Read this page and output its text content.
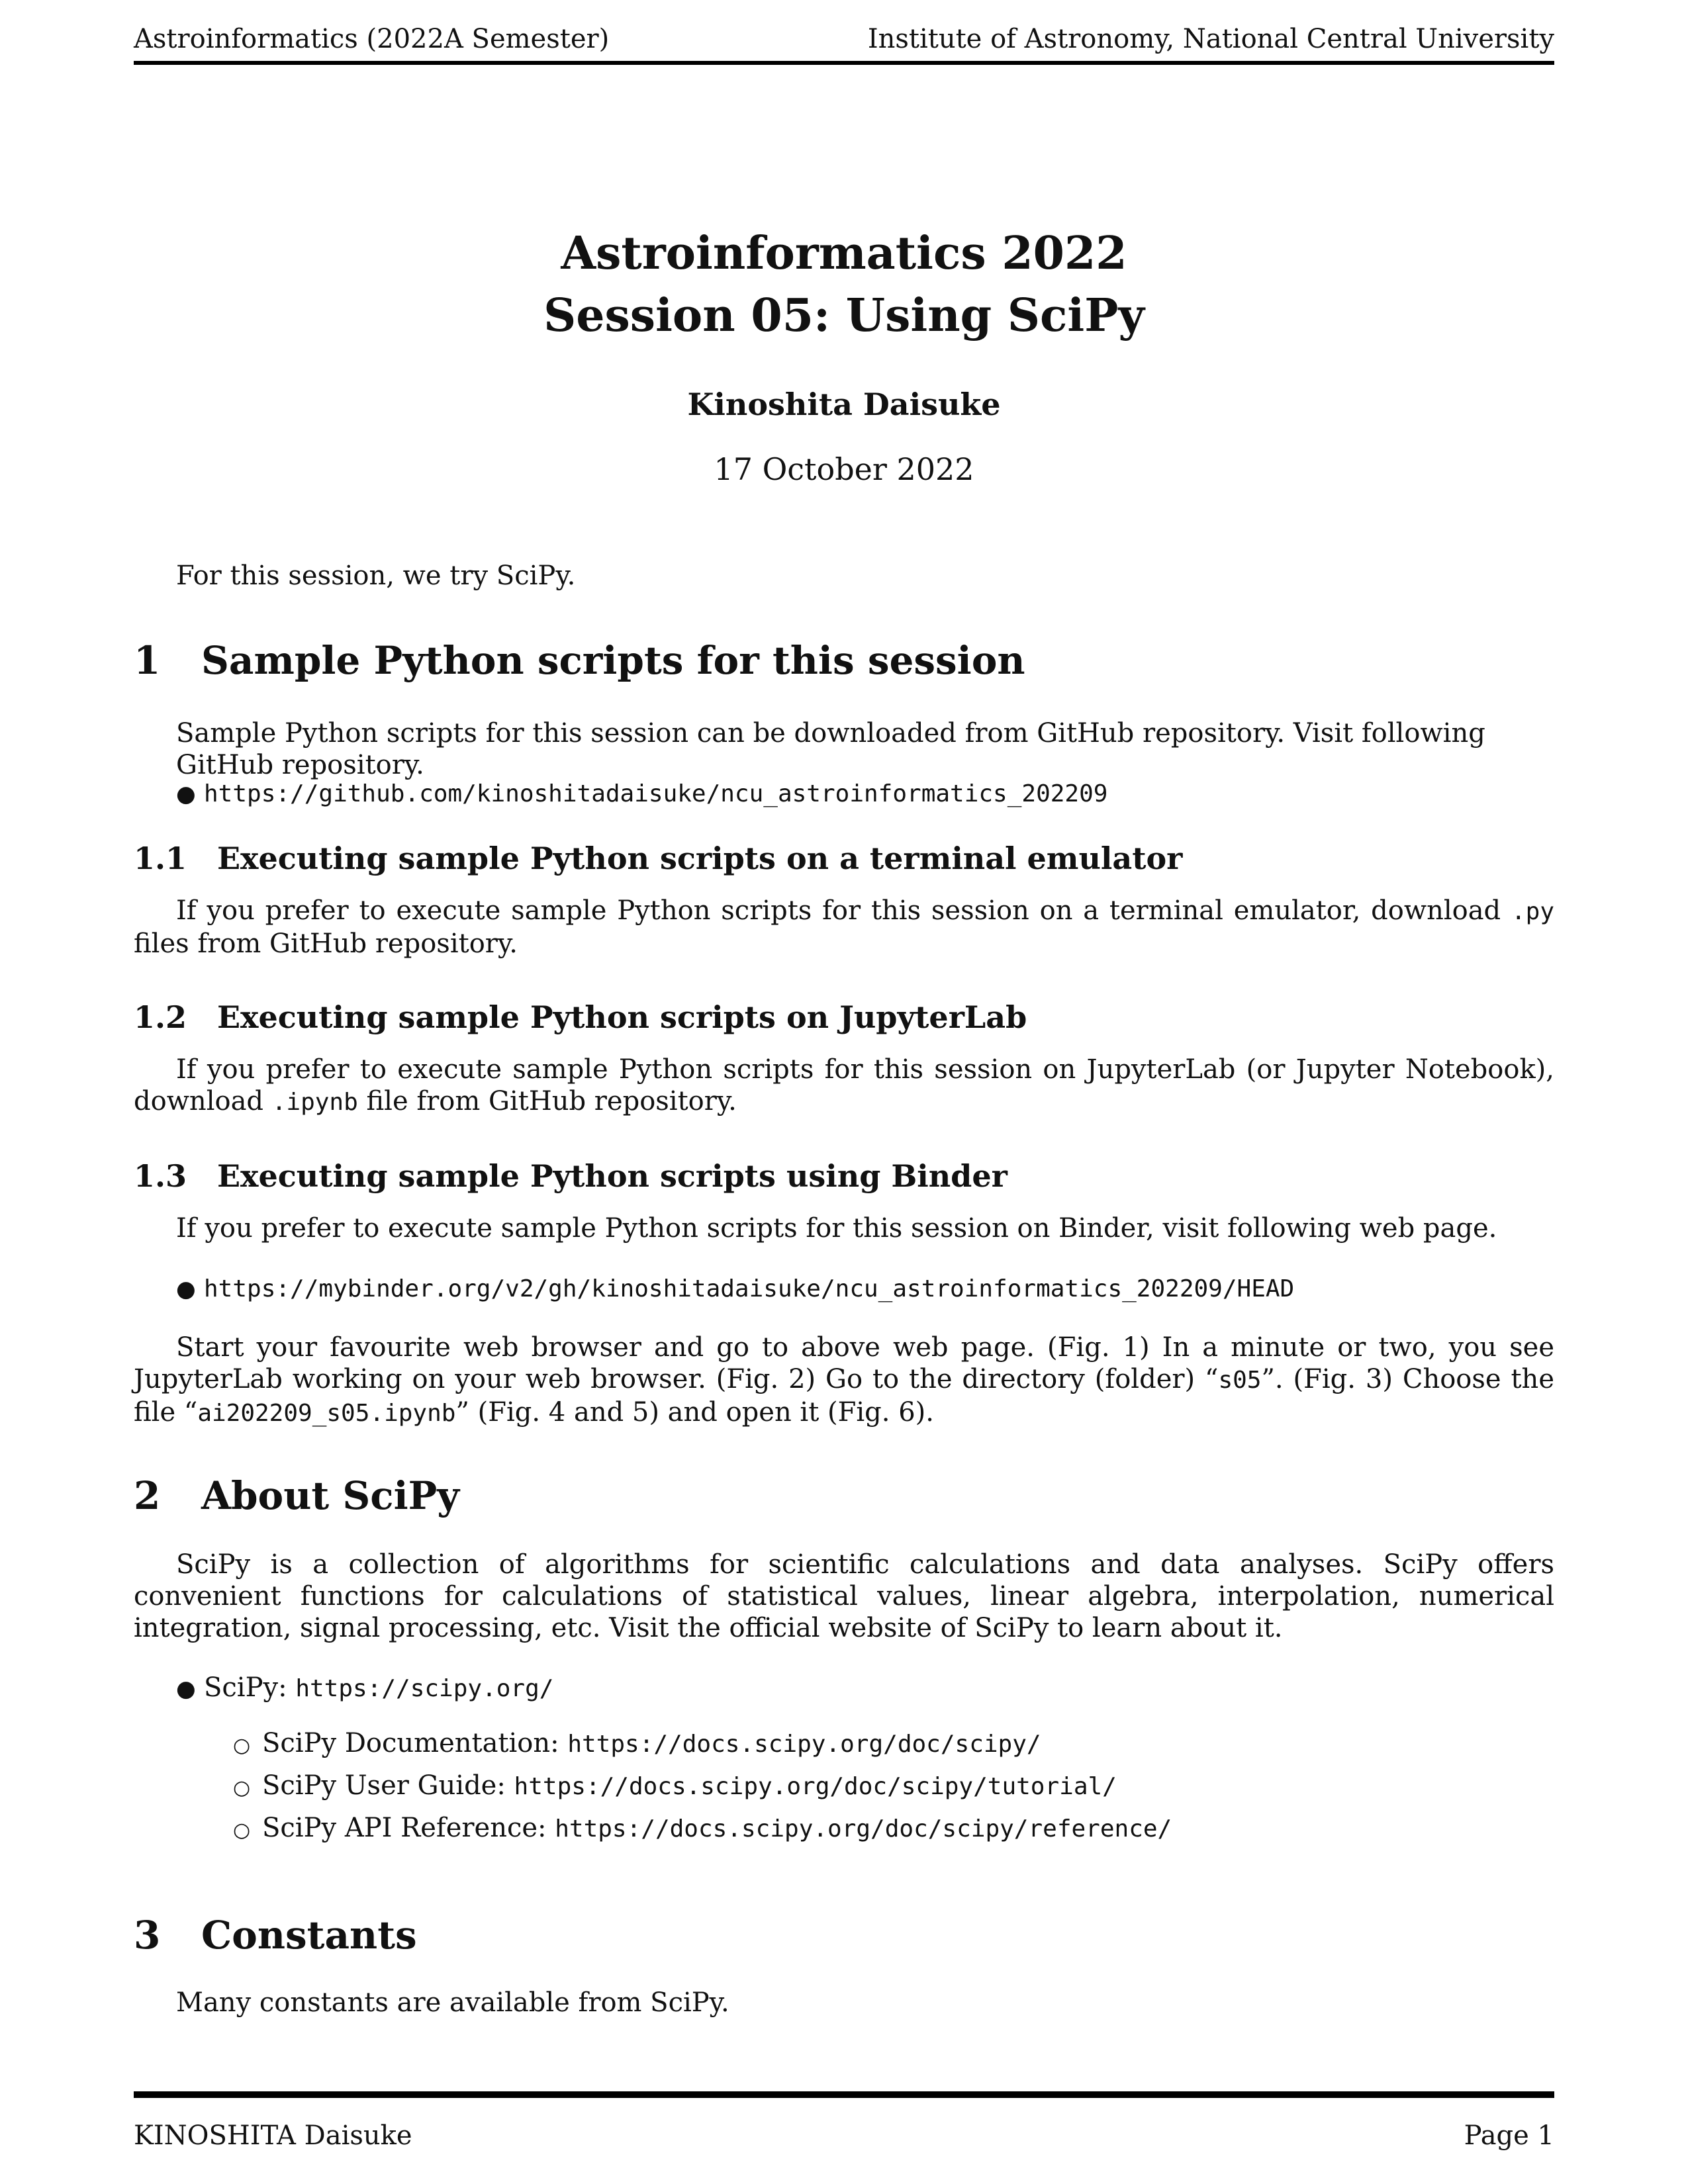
Astroinformatics (2022A Semester)	Institute of Astronomy, National Central University
Astroinformatics 2022
Session 05: Using SciPy
Kinoshita Daisuke
17 October 2022

For this session, we try SciPy.

1 Sample Python scripts for this session

Sample Python scripts for this session can be downloaded from GitHub repository. Visit following GitHub repository.

● https://github.com/kinoshitadaisuke/ncu_astroinformatics_202209

1.1 Executing sample Python scripts on a terminal emulator

If you prefer to execute sample Python scripts for this session on a terminal emulator, download .py files from GitHub repository.

1.2 Executing sample Python scripts on JupyterLab

If you prefer to execute sample Python scripts for this session on JupyterLab (or Jupyter Notebook), download .ipynb file from GitHub repository.

1.3 Executing sample Python scripts using Binder

If you prefer to execute sample Python scripts for this session on Binder, visit following web page.

● https://mybinder.org/v2/gh/kinoshitadaisuke/ncu_astroinformatics_202209/HEAD

Start your favourite web browser and go to above web page. (Fig. 1) In a minute or two, you see JupyterLab working on your web browser. (Fig. 2) Go to the directory (folder) “s05”. (Fig. 3) Choose the file “ai202209_s05.ipynb” (Fig. 4 and 5) and open it (Fig. 6).

2 About SciPy

SciPy is a collection of algorithms for scientific calculations and data analyses. SciPy offers convenient functions for calculations of statistical values, linear algebra, interpolation, numerical integration, signal processing, etc. Visit the official website of SciPy to learn about it.

● SciPy: https://scipy.org/

○ SciPy Documentation: https://docs.scipy.org/doc/scipy/

○ SciPy User Guide: https://docs.scipy.org/doc/scipy/tutorial/

○ SciPy API Reference: https://docs.scipy.org/doc/scipy/reference/

3 Constants

Many constants are available from SciPy.

KINOSHITA Daisuke	Page 1
